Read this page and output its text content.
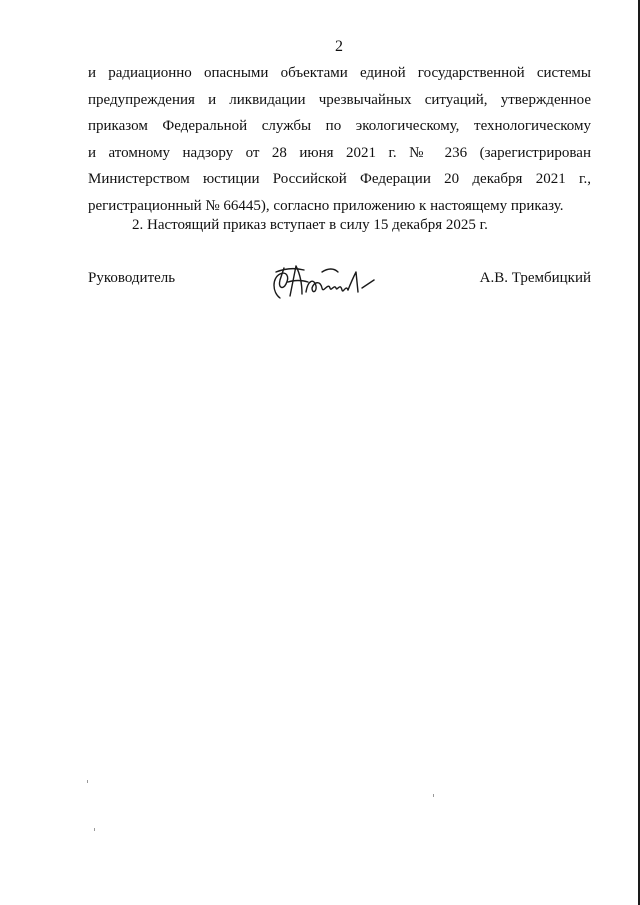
2
и радиационно опасными объектами единой государственной системы
предупреждения и ликвидации чрезвычайных ситуаций, утвержденное
приказом Федеральной службы по экологическому, технологическому
и атомному надзору от 28 июня 2021 г. № 236 (зарегистрирован
Министерством юстиции Российской Федерации 20 декабря 2021 г.,
регистрационный № 66445), согласно приложению к настоящему приказу.
2. Настоящий приказ вступает в силу 15 декабря 2025 г.
Руководитель	А.В. Трембицкий
